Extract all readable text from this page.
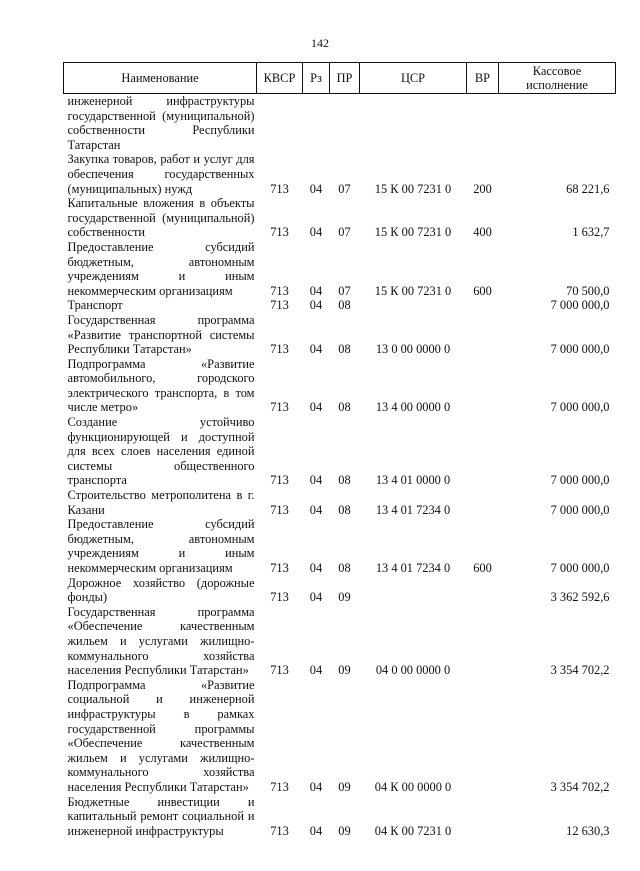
142
Наименование	КВСР	Рз	ПР	ЦСР	ВР	Кассовое исполнение
инженерной инфраструктуры государственной (муниципальной) собственности Республики Татарстан						
Закупка товаров, работ и услуг для обеспечения государственных (муниципальных) нужд	713	04	07	15 К 00 7231 0	200	68 221,6
Капитальные вложения в объекты государственной (муниципальной) собственности	713	04	07	15 К 00 7231 0	400	1 632,7
Предоставление субсидий бюджетным, автономным учреждениям и иным некоммерческим организациям	713	04	07	15 К 00 7231 0	600	70 500,0
Транспорт	713	04	08			7 000 000,0
Государственная программа «Развитие транспортной системы Республики Татарстан»	713	04	08	13 0 00 0000 0		7 000 000,0
Подпрограмма «Развитие автомобильного, городского электрического транспорта, в том числе метро»	713	04	08	13 4 00 0000 0		7 000 000,0
Создание устойчиво функционирующей и доступной для всех слоев населения единой системы общественного транспорта	713	04	08	13 4 01 0000 0		7 000 000,0
Строительство метрополитена в г. Казани	713	04	08	13 4 01 7234 0		7 000 000,0
Предоставление субсидий бюджетным, автономным учреждениям и иным некоммерческим организациям	713	04	08	13 4 01 7234 0	600	7 000 000,0
Дорожное хозяйство (дорожные фонды)	713	04	09			3 362 592,6
Государственная программа «Обеспечение качественным жильем и услугами жилищно-коммунального хозяйства населения Республики Татарстан»	713	04	09	04 0 00 0000 0		3 354 702,2
Подпрограмма «Развитие социальной и инженерной инфраструктуры в рамках государственной программы «Обеспечение качественным жильем и услугами жилищно-коммунального хозяйства населения Республики Татарстан»	713	04	09	04 К 00 0000 0		3 354 702,2
Бюджетные инвестиции и капитальный ремонт социальной и инженерной инфраструктуры	713	04	09	04 К 00 7231 0		12 630,3
